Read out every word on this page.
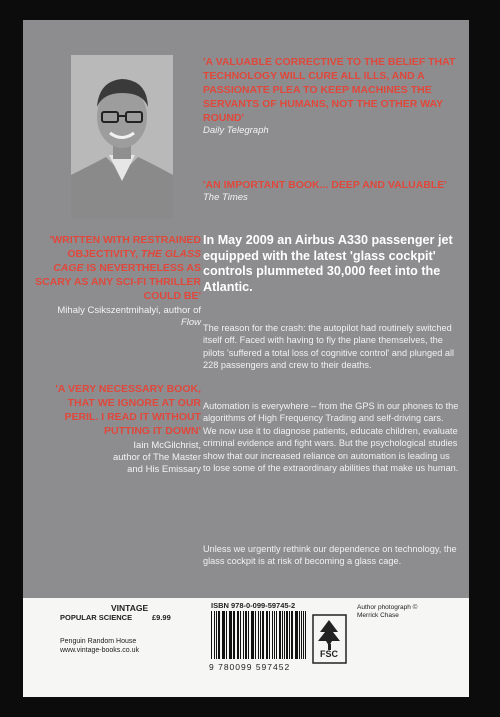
'A VALUABLE CORRECTIVE TO THE BELIEF THAT TECHNOLOGY WILL CURE ALL ILLS, AND A PASSIONATE PLEA TO KEEP MACHINES THE SERVANTS OF HUMANS, NOT THE OTHER WAY ROUND'
Daily Telegraph
'AN IMPORTANT BOOK... DEEP AND VALUABLE'
The Times
'WRITTEN WITH RESTRAINED OBJECTIVITY, THE GLASS CAGE IS NEVERTHELESS AS SCARY AS ANY SCI-FI THRILLER COULD BE'
Mihaly Csikszentmihalyi, author of Flow
'A VERY NECESSARY BOOK, THAT WE IGNORE AT OUR PERIL. I READ IT WITHOUT PUTTING IT DOWN'
Iain McGilchrist,
author of The Master
and His Emissary
In May 2009 an Airbus A330 passenger jet equipped with the latest 'glass cockpit' controls plummeted 30,000 feet into the Atlantic.
The reason for the crash: the autopilot had routinely switched itself off. Faced with having to fly the plane themselves, the pilots 'suffered a total loss of cognitive control' and plunged all 228 passengers and crew to their deaths.
Automation is everywhere – from the GPS in our phones to the algorithms of High Frequency Trading and self-driving cars. We now use it to diagnose patients, educate children, evaluate criminal evidence and fight wars. But the psychological studies show that our increased reliance on automation is leading us to lose some of the extraordinary abilities that make us human.
Unless we urgently rethink our dependence on technology, the glass cockpit is at risk of becoming a glass cage.
VINTAGE
POPULAR SCIENCE	£9.99
Penguin Random House
www.vintage-books.co.uk
ISBN 978-0-099-59745-2
9 780099 597452
FSC
Author photograph ©
Merrick Chase
